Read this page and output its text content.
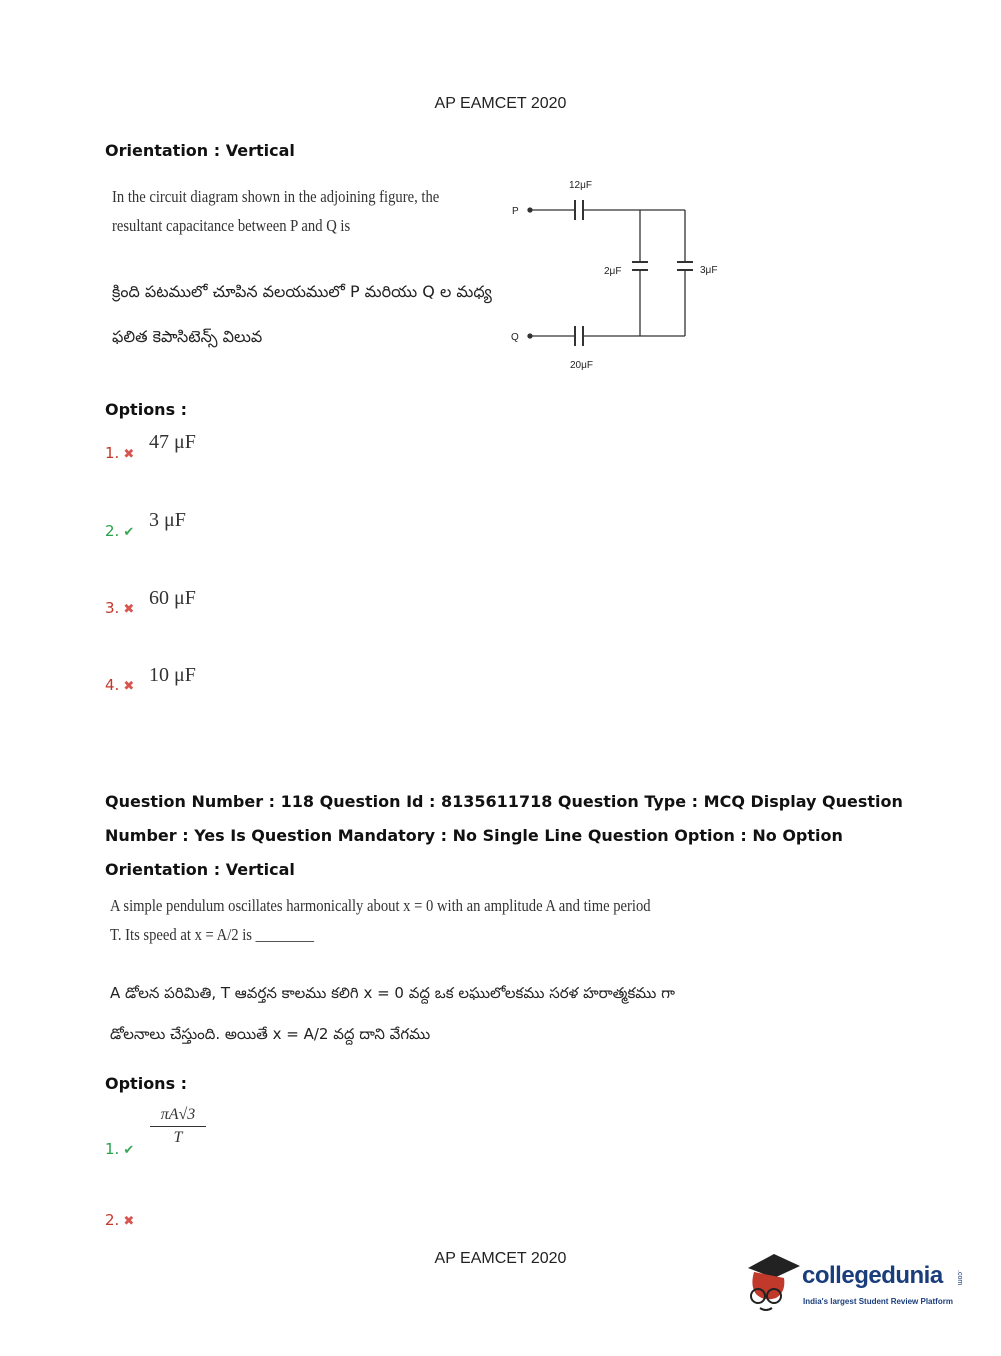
AP EAMCET 2020
Orientation : Vertical
In the circuit diagram shown in the adjoining figure, the
resultant capacitance between P and Q is
క్రింది పటములో చూపిన వలయములో P మరియు Q ల మధ్య
ఫలిత కెపాసిటెన్స్ విలువ
P
Q
12μF
2μF	3μF
20μF
Options :
1. ✖
47 μF
2. ✔
3 μF
3. ✖
60 μF
4. ✖
10 μF
Question Number : 118 Question Id : 8135611718 Question Type : MCQ Display Question
Number : Yes Is Question Mandatory : No Single Line Question Option : No Option
Orientation : Vertical
A simple pendulum oscillates harmonically about x = 0 with an amplitude A and time period
T. Its speed at x = A/2 is ________
A డోలన పరిమితి, T ఆవర్తన కాలము కలిగి x = 0 వద్ద ఒక లఘులోలకము సరళ హరాత్మకము గా
డోలనాలు చేస్తుంది. అయితే x = A/2 వద్ద దాని వేగము
Options :
1. ✔
$\frac{\pi A√3}{T}$
2. ✖
AP EAMCET 2020
collegedunia .com
India's largest Student Review Platform
